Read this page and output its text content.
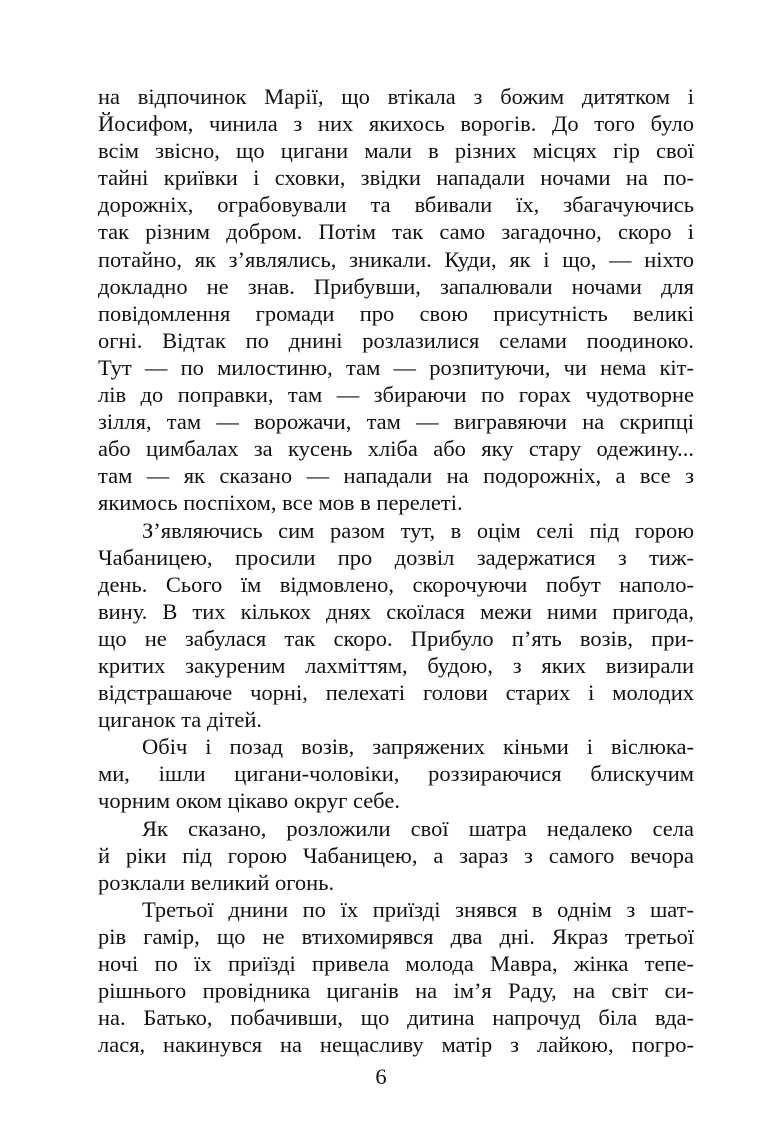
на відпочинок Марії, що втікала з божим дитятком і
Йосифом, чинила з них якихось ворогів. До того було
всім звісно, що цигани мали в різних місцях гір свої
тайні криївки і сховки, звідки нападали ночами на по-
дорожніх, ограбовували та вбивали їх, збагачуючись
так різним добром. Потім так само загадочно, скоро і
потайно, як з’являлись, зникали. Куди, як і що, — ніхто
докладно не знав. Прибувши, запалювали ночами для
повідомлення громади про свою присутність великі
огні. Відтак по днині розлазилися селами поодиноко.
Тут — по милостиню, там — розпитуючи, чи нема кіт-
лів до поправки, там — збираючи по горах чудотворне
зілля, там — ворожачи, там — вигравяючи на скрипці
або цимбалах за кусень хліба або яку стару одежину...
там — як сказано — нападали на подорожніх, а все з
якимось поспіхом, все мов в перелеті.
З’являючись сим разом тут, в оцім селі під горою
Чабаницею, просили про дозвіл задержатися з тиж-
день. Сього їм відмовлено, скорочуючи побут наполо-
вину. В тих кількох днях скоїлася межи ними пригода,
що не забулася так скоро. Прибуло п’ять возів, при-
критих закуреним лахміттям, будою, з яких визирали
відстрашаюче чорні, пелехаті голови старих і молодих
циганок та дітей.
Обіч і позад возів, запряжених кіньми і віслюка-
ми, ішли цигани-чоловіки, роззираючися блискучим
чорним оком цікаво округ себе.
Як сказано, розложили свої шатра недалеко села
й ріки під горою Чабаницею, а зараз з самого вечора
розклали великий огонь.
Третьої днини по їх приїзді знявся в однім з шат-
рів гамір, що не втихомирявся два дні. Якраз третьої
ночі по їх приїзді привела молода Мавра, жінка тепе-
рішнього провідника циганів на ім’я Раду, на світ си-
на. Батько, побачивши, що дитина напрочуд біла вда-
лася, накинувся на нещасливу матір з лайкою, погро-
6
